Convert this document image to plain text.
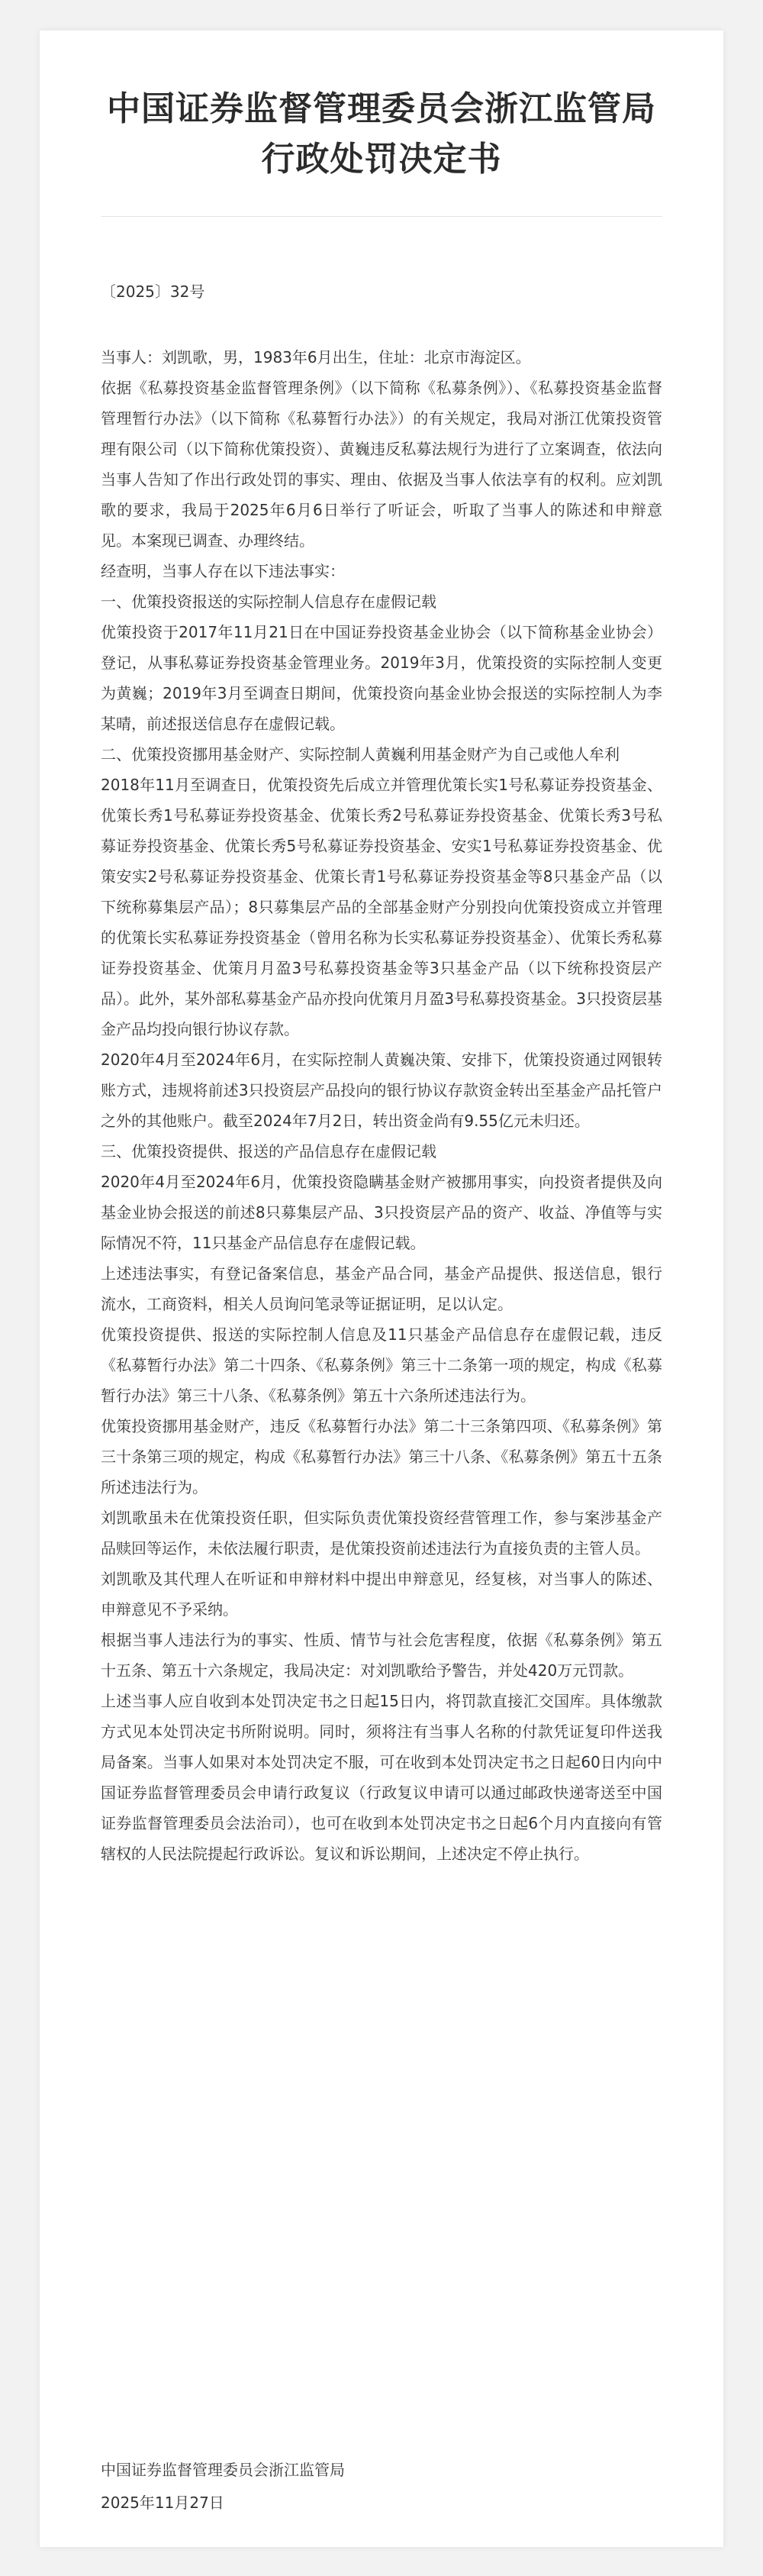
中国证券监督管理委员会浙江监管局
行政处罚决定书
〔2025〕32号

当事人：刘凯歌，男，1983年6月出生，住址：北京市海淀区。

依据《私募投资基金监督管理条例》（以下简称《私募条例》）、《私募投资基金监督管理暂行办法》（以下简称《私募暂行办法》）的有关规定，我局对浙江优策投资管理有限公司（以下简称优策投资）、黄巍违反私募法规行为进行了立案调查，依法向当事人告知了作出行政处罚的事实、理由、依据及当事人依法享有的权利。应刘凯歌的要求，我局于2025年6月6日举行了听证会，听取了当事人的陈述和申辩意见。本案现已调查、办理终结。

经查明，当事人存在以下违法事实：

一、优策投资报送的实际控制人信息存在虚假记载

优策投资于2017年11月21日在中国证券投资基金业协会（以下简称基金业协会）登记，从事私募证券投资基金管理业务。2019年3月，优策投资的实际控制人变更为黄巍；2019年3月至调查日期间，优策投资向基金业协会报送的实际控制人为李某晴，前述报送信息存在虚假记载。

二、优策投资挪用基金财产、实际控制人黄巍利用基金财产为自己或他人牟利

2018年11月至调查日，优策投资先后成立并管理优策长实1号私募证券投资基金、优策长秀1号私募证券投资基金、优策长秀2号私募证券投资基金、优策长秀3号私募证券投资基金、优策长秀5号私募证券投资基金、安实1号私募证券投资基金、优策安实2号私募证券投资基金、优策长青1号私募证券投资基金等8只基金产品（以下统称募集层产品）；8只募集层产品的全部基金财产分别投向优策投资成立并管理的优策长实私募证券投资基金（曾用名称为长实私募证券投资基金）、优策长秀私募证券投资基金、优策月月盈3号私募投资基金等3只基金产品（以下统称投资层产品）。此外，某外部私募基金产品亦投向优策月月盈3号私募投资基金。3只投资层基金产品均投向银行协议存款。

2020年4月至2024年6月，在实际控制人黄巍决策、安排下，优策投资通过网银转账方式，违规将前述3只投资层产品投向的银行协议存款资金转出至基金产品托管户之外的其他账户。截至2024年7月2日，转出资金尚有9.55亿元未归还。

三、优策投资提供、报送的产品信息存在虚假记载

2020年4月至2024年6月，优策投资隐瞒基金财产被挪用事实，向投资者提供及向基金业协会报送的前述8只募集层产品、3只投资层产品的资产、收益、净值等与实际情况不符，11只基金产品信息存在虚假记载。

上述违法事实，有登记备案信息，基金产品合同，基金产品提供、报送信息，银行流水，工商资料，相关人员询问笔录等证据证明，足以认定。

优策投资提供、报送的实际控制人信息及11只基金产品信息存在虚假记载，违反《私募暂行办法》第二十四条、《私募条例》第三十二条第一项的规定，构成《私募暂行办法》第三十八条、《私募条例》第五十六条所述违法行为。

优策投资挪用基金财产，违反《私募暂行办法》第二十三条第四项、《私募条例》第三十条第三项的规定，构成《私募暂行办法》第三十八条、《私募条例》第五十五条所述违法行为。

刘凯歌虽未在优策投资任职，但实际负责优策投资经营管理工作，参与案涉基金产品赎回等运作，未依法履行职责，是优策投资前述违法行为直接负责的主管人员。

刘凯歌及其代理人在听证和申辩材料中提出申辩意见，经复核，对当事人的陈述、申辩意见不予采纳。

根据当事人违法行为的事实、性质、情节与社会危害程度，依据《私募条例》第五十五条、第五十六条规定，我局决定：对刘凯歌给予警告，并处420万元罚款。

上述当事人应自收到本处罚决定书之日起15日内，将罚款直接汇交国库。具体缴款方式见本处罚决定书所附说明。同时，须将注有当事人名称的付款凭证复印件送我局备案。当事人如果对本处罚决定不服，可在收到本处罚决定书之日起60日内向中国证券监督管理委员会申请行政复议（行政复议申请可以通过邮政快递寄送至中国证券监督管理委员会法治司），也可在收到本处罚决定书之日起6个月内直接向有管辖权的人民法院提起行政诉讼。复议和诉讼期间，上述决定不停止执行。

中国证券监督管理委员会浙江监管局
2025年11月27日
